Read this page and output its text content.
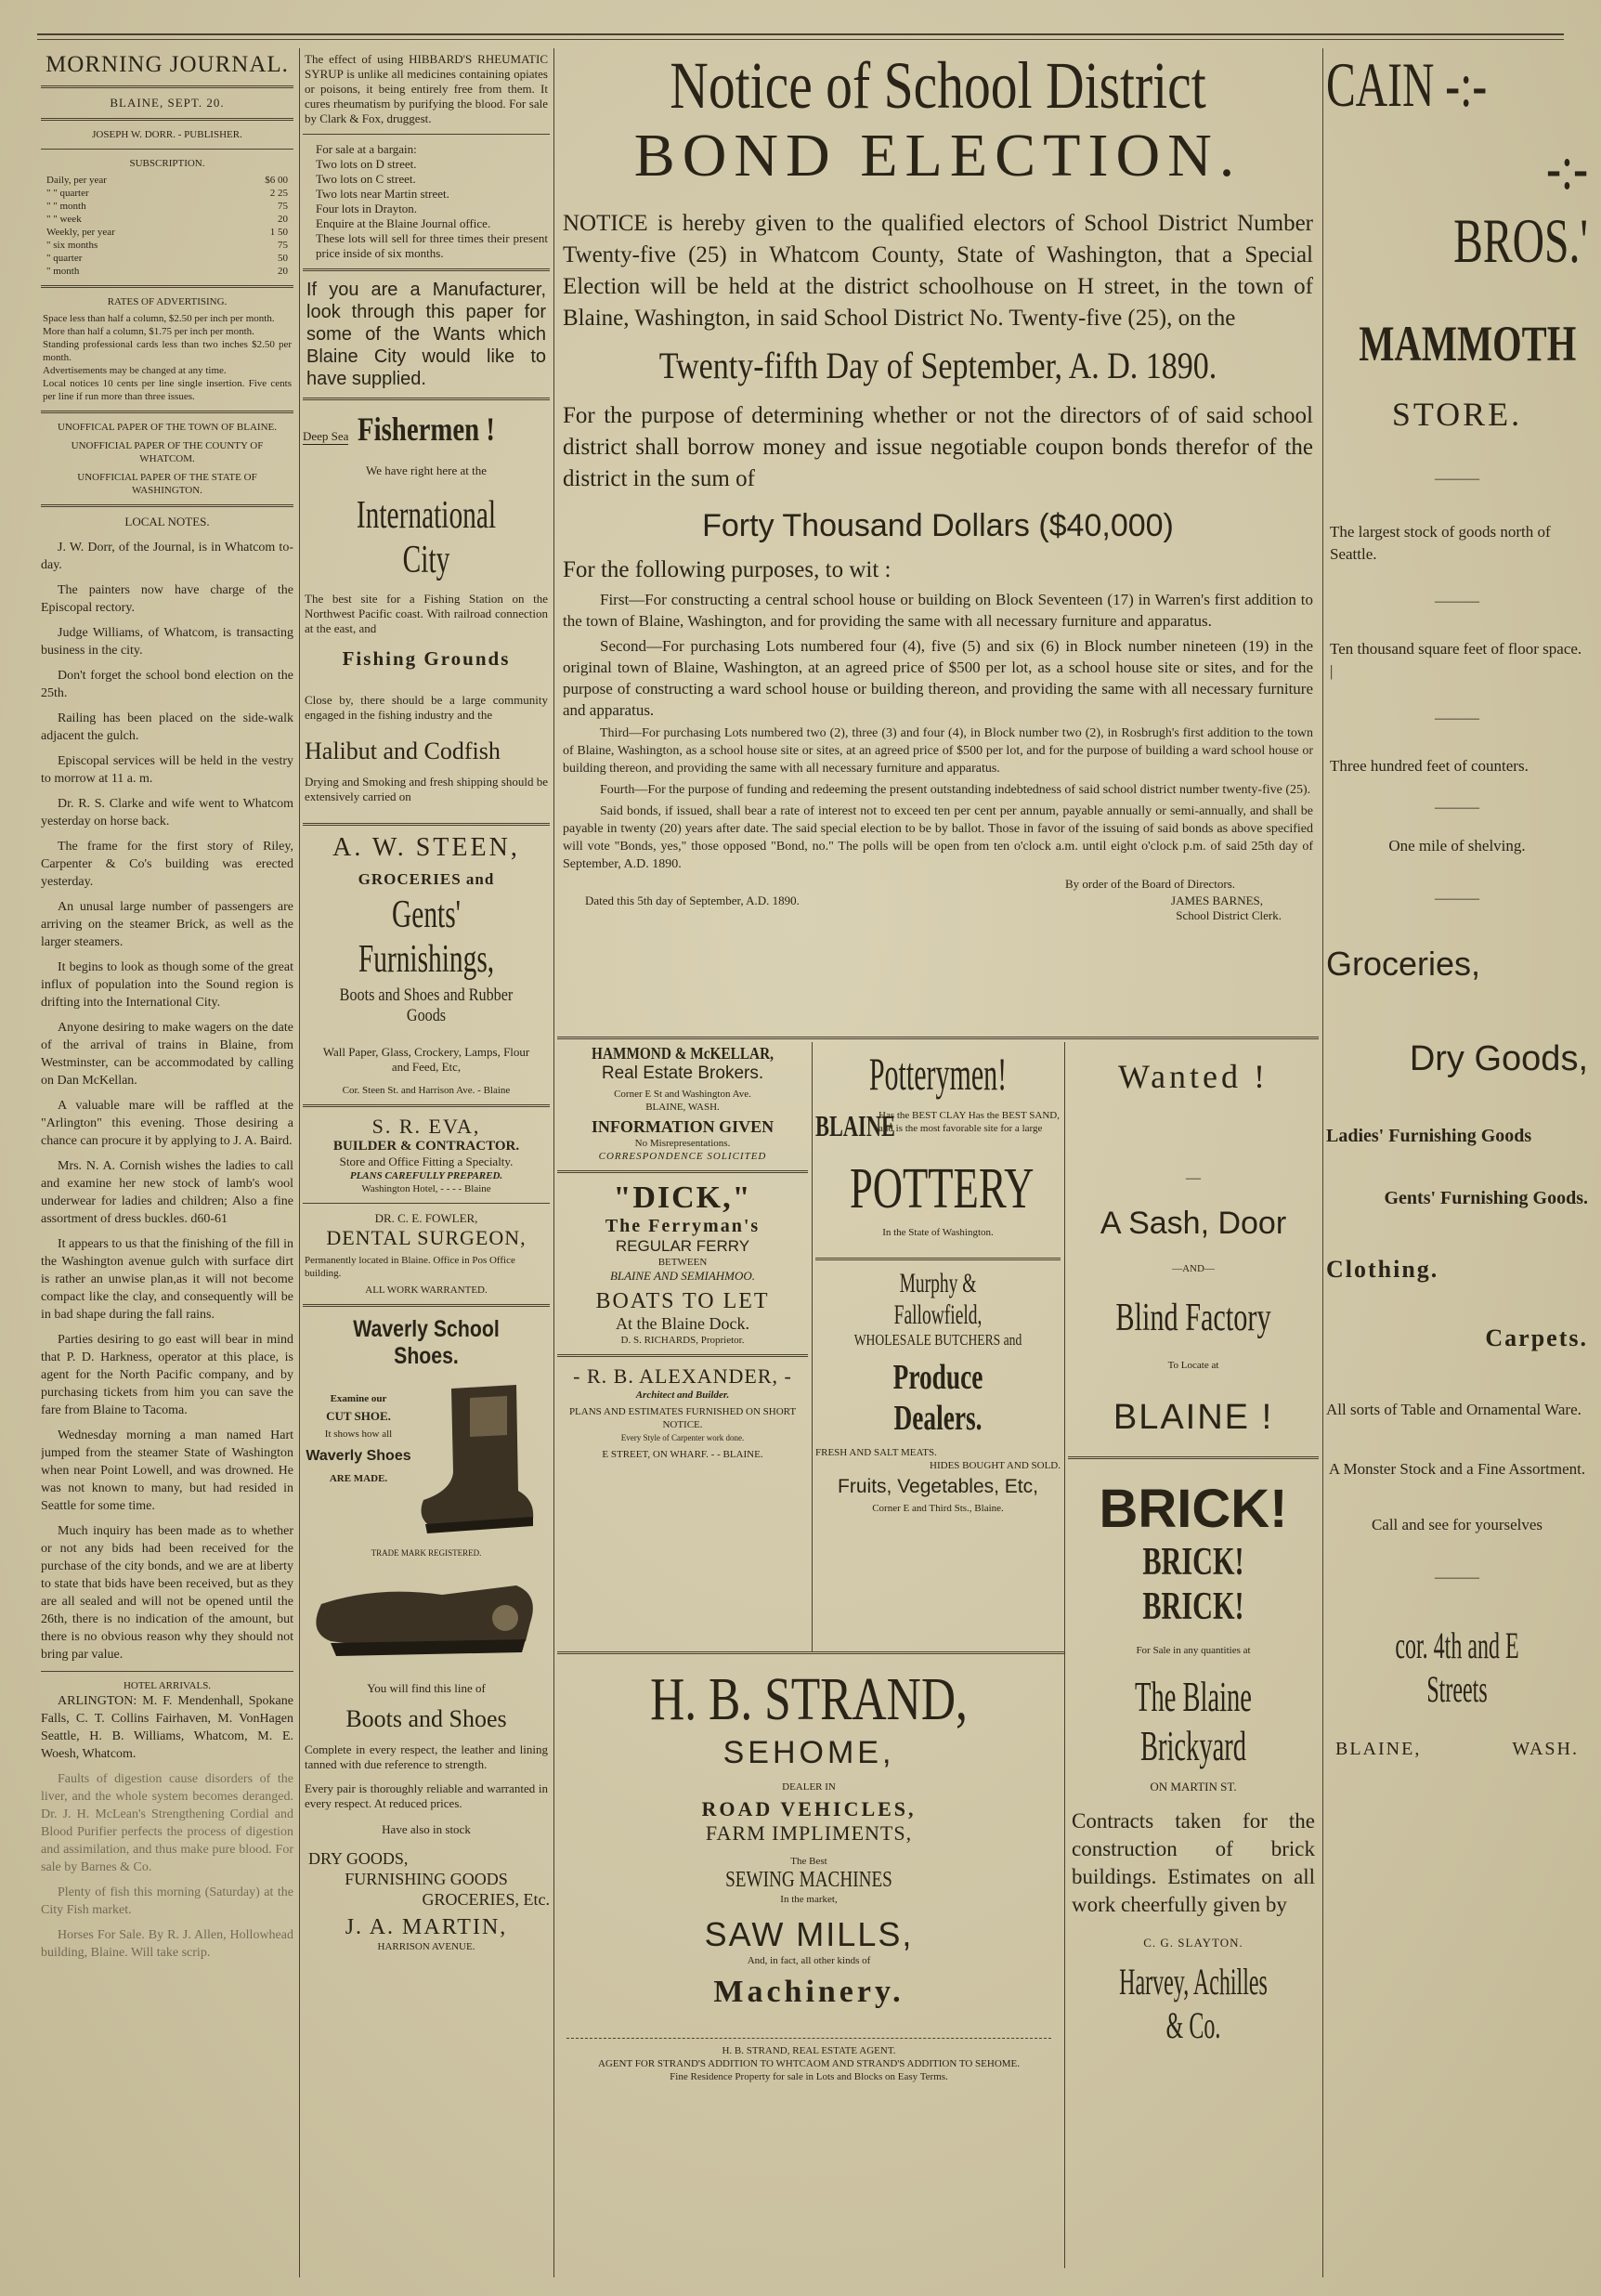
MORNING JOURNAL.
BLAINE, SEPT. 20.
JOSEPH W. DORR. - PUBLISHER.
SUBSCRIPTION.
Daily, per year	$6 00
" " quarter	2 25
" " month	75
" " week	20
Weekly, per year	1 50
" six months	75
" quarter	50
" month	20
RATES OF ADVERTISING.
Space less than half a column, $2.50 per inch per month.
More than half a column, $1.75 per inch per month.
Standing professional cards less than two inches $2.50 per month.
Advertisements may be changed at any time.
Local notices 10 cents per line single insertion. Five cents per line if run more than three issues.
UNOFFICAL PAPER OF THE TOWN OF BLAINE.
UNOFFICIAL PAPER OF THE COUNTY OF WHATCOM.
UNOFFICIAL PAPER OF THE STATE OF WASHINGTON.
LOCAL NOTES.

J. W. Dorr, of the Journal, is in Whatcom to-day.

The painters now have charge of the Episcopal rectory.

Judge Williams, of Whatcom, is transacting business in the city.

Don't forget the school bond election on the 25th.

Railing has been placed on the side-walk adjacent the gulch.

Episcopal services will be held in the vestry to morrow at 11 a. m.

Dr. R. S. Clarke and wife went to Whatcom yesterday on horse back.

The frame for the first story of Riley, Carpenter & Co's building was erected yesterday.

An unusal large number of passengers are arriving on the steamer Brick, as well as the larger steamers.

It begins to look as though some of the great influx of population into the Sound region is drifting into the International City.

Anyone desiring to make wagers on the date of the arrival of trains in Blaine, from Westminster, can be accommodated by calling on Dan McKellan.

A valuable mare will be raffled at the "Arlington" this evening. Those desiring a chance can procure it by applying to J. A. Baird.

Mrs. N. A. Cornish wishes the ladies to call and examine her new stock of lamb's wool underwear for ladies and children; Also a fine assortment of dress buckles. d60-61

It appears to us that the finishing of the fill in the Washington avenue gulch with surface dirt is rather an unwise plan,as it will not become compact like the clay, and consequently will be in bad shape during the fall rains.

Parties desiring to go east will bear in mind that P. D. Harkness, operator at this place, is agent for the North Pacific company, and by purchasing tickets from him you can save the fare from Blaine to Tacoma.

Wednesday morning a man named Hart jumped from the steamer State of Washington when near Point Lowell, and was drowned. He was not known to many, but had resided in Seattle for some time.

Much inquiry has been made as to whether or not any bids had been received for the purchase of the city bonds, and we are at liberty to state that bids have been received, but as they are all sealed and will not be opened until the 26th, there is no indication of the amount, but there is no obvious reason why they should not bring par value.

HOTEL ARRIVALS.

ARLINGTON: M. F. Mendenhall, Spokane Falls, C. T. Collins Fairhaven, M. VonHagen Seattle, H. B. Williams, Whatcom, M. E. Woesh, Whatcom.

Faults of digestion cause disorders of the liver, and the whole system becomes deranged. Dr. J. H. McLean's Strengthening Cordial and Blood Purifier perfects the process of digestion and assimilation, and thus make pure blood. For sale by Barnes & Co.

Plenty of fish this morning (Saturday) at the City Fish market.

Horses For Sale. By R. J. Allen, Hollowhead building, Blaine. Will take scrip.

The effect of using HIBBARD'S RHEUMATIC SYRUP is unlike all medicines containing opiates or poisons, it being entirely free from them. It cures rheumatism by purifying the blood. For sale by Clark & Fox, druggest.
For sale at a bargain:
Two lots on D street.
Two lots on C street.
Two lots near Martin street.
Four lots in Drayton.
Enquire at the Blaine Journal office.
These lots will sell for three times their present price inside of six months.
If you are a Manufacturer, look through this paper for some of the Wants which Blaine City would like to have supplied.
Deep Sea Fishermen !
We have right here at the
International City
The best site for a Fishing Station on the Northwest Pacific coast. With railroad connection at the east, and
Fishing Grounds
Close by, there should be a large community engaged in the fishing industry and the
Halibut and Codfish
Drying and Smoking and fresh shipping should be extensively carried on
A. W. STEEN,
GROCERIES and
Gents' Furnishings,
Boots and Shoes and Rubber Goods
Wall Paper, Glass, Crockery, Lamps, Flour and Feed, Etc,
Cor. Steen St. and Harrison Ave. - Blaine
S. R. EVA,
BUILDER & CONTRACTOR.
Store and Office Fitting a Specialty.
PLANS CAREFULLY PREPARED.
Washington Hotel, - - - - Blaine
DR. C. E. FOWLER,
DENTAL SURGEON,
Permanently located in Blaine. Office in Pos Office building.
ALL WORK WARRANTED.
Waverly School Shoes.
Examine our
CUT SHOE.
It shows how all
Waverly Shoes
ARE MADE.
TRADE MARK REGISTERED.
You will find this line of
Boots and Shoes
Complete in every respect, the leather and lining tanned with due reference to strength.
Every pair is thoroughly reliable and warranted in every respect. At reduced prices.
Have also in stock
DRY GOODS,
FURNISHING GOODS
GROCERIES, Etc.
J. A. MARTIN,
HARRISON AVENUE.
Notice of School District
BOND ELECTION.
NOTICE is hereby given to the qualified electors of School District Number Twenty-five (25) in Whatcom County, State of Washington, that a Special Election will be held at the district schoolhouse on H street, in the town of Blaine, Washington, in said School District No. Twenty-five (25), on the
Twenty-fifth Day of September, A. D. 1890.
For the purpose of determining whether or not the directors of of said school district shall borrow money and issue negotiable coupon bonds therefor of the district in the sum of
Forty Thousand Dollars ($40,000)
For the following purposes, to wit :
First—For constructing a central school house or building on Block Seventeen (17) in Warren's first addition to the town of Blaine, Washington, and for providing the same with all necessary furniture and apparatus.
Second—For purchasing Lots numbered four (4), five (5) and six (6) in Block number nineteen (19) in the original town of Blaine, Washington, at an agreed price of $500 per lot, as a school house site or sites, and for the purpose of constructing a ward school house or building thereon, and providing the same with all necessary furniture and apparatus.
Third—For purchasing Lots numbered two (2), three (3) and four (4), in Block number two (2), in Rosbrugh's first addition to the town of Blaine, Washington, as a school house site or sites, at an agreed price of $500 per lot, and for the purpose of building a ward school house or building thereon, and providing the same with all necessary furniture and apparatus.
Fourth—For the purpose of funding and redeeming the present outstanding indebtedness of said school district number twenty-five (25).
Said bonds, if issued, shall bear a rate of interest not to exceed ten per cent per annum, payable annually or semi-annually, and shall be payable in twenty (20) years after date. The said special election to be by ballot. Those in favor of the issuing of said bonds as above specified will vote "Bonds, yes," those opposed "Bond, no." The polls will be open from ten o'clock a.m. until eight o'clock p.m. of said 25th day of September, A.D. 1890.
By order of the Board of Directors.
Dated this 5th day of September, A.D. 1890.	JAMES BARNES,
School District Clerk.
HAMMOND & McKELLAR,
Real Estate Brokers.
Corner E St and Washington Ave.
BLAINE, WASH.
INFORMATION GIVEN
No Misrepresentations.
CORRESPONDENCE SOLICITED
"DICK,"
The Ferryman's
REGULAR FERRY
BETWEEN
BLAINE AND SEMIAHMOO.
BOATS TO LET
At the Blaine Dock.
D. S. RICHARDS, Proprietor.
- R. B. ALEXANDER, -
Architect and Builder.
PLANS AND ESTIMATES FURNISHED ON SHORT NOTICE.
Every Style of Carpenter work done.
E STREET, ON WHARF. - - BLAINE.
Potterymen!
BLAINE
Has the BEST CLAY Has the BEST SAND, and is the most favorable site for a large
POTTERY
In the State of Washington.
Murphy & Fallowfield,
WHOLESALE BUTCHERS and
Produce Dealers.
FRESH AND SALT MEATS.
HIDES BOUGHT AND SOLD.
Fruits, Vegetables, Etc,
Corner E and Third Sts., Blaine.
H. B. STRAND,
SEHOME,
DEALER IN
ROAD VEHICLES,
FARM IMPLIMENTS,
The Best
SEWING MACHINES
In the market,
SAW MILLS,
And, in fact, all other kinds of
Machinery.
H. B. STRAND, REAL ESTATE AGENT.
AGENT FOR STRAND'S ADDITION TO WHTCAOM AND STRAND'S ADDITION TO SEHOME.
Fine Residence Property for sale in Lots and Blocks on Easy Terms.
Wanted !
—
A Sash, Door
—AND—
Blind Factory
To Locate at
BLAINE !
BRICK!
BRICK! BRICK!
For Sale in any quantities at
The Blaine Brickyard
ON MARTIN ST.
Contracts taken for the construction of brick buildings. Estimates on all work cheerfully given by
C. G. SLAYTON.
Harvey, Achilles & Co.
CAIN -:-
-:- BROS.'
MAMMOTH
STORE.
———
The largest stock of goods north of Seattle.
———
Ten thousand square feet of floor space. |
———
Three hundred feet of counters.
———
One mile of shelving.
———
Groceries,
Dry Goods,
Ladies' Furnishing Goods
Gents' Furnishing Goods.
Clothing.
Carpets.
All sorts of Table and Ornamental Ware.
A Monster Stock and a Fine Assortment.
Call and see for yourselves
———
cor. 4th and E Streets
BLAINE,	WASH.
